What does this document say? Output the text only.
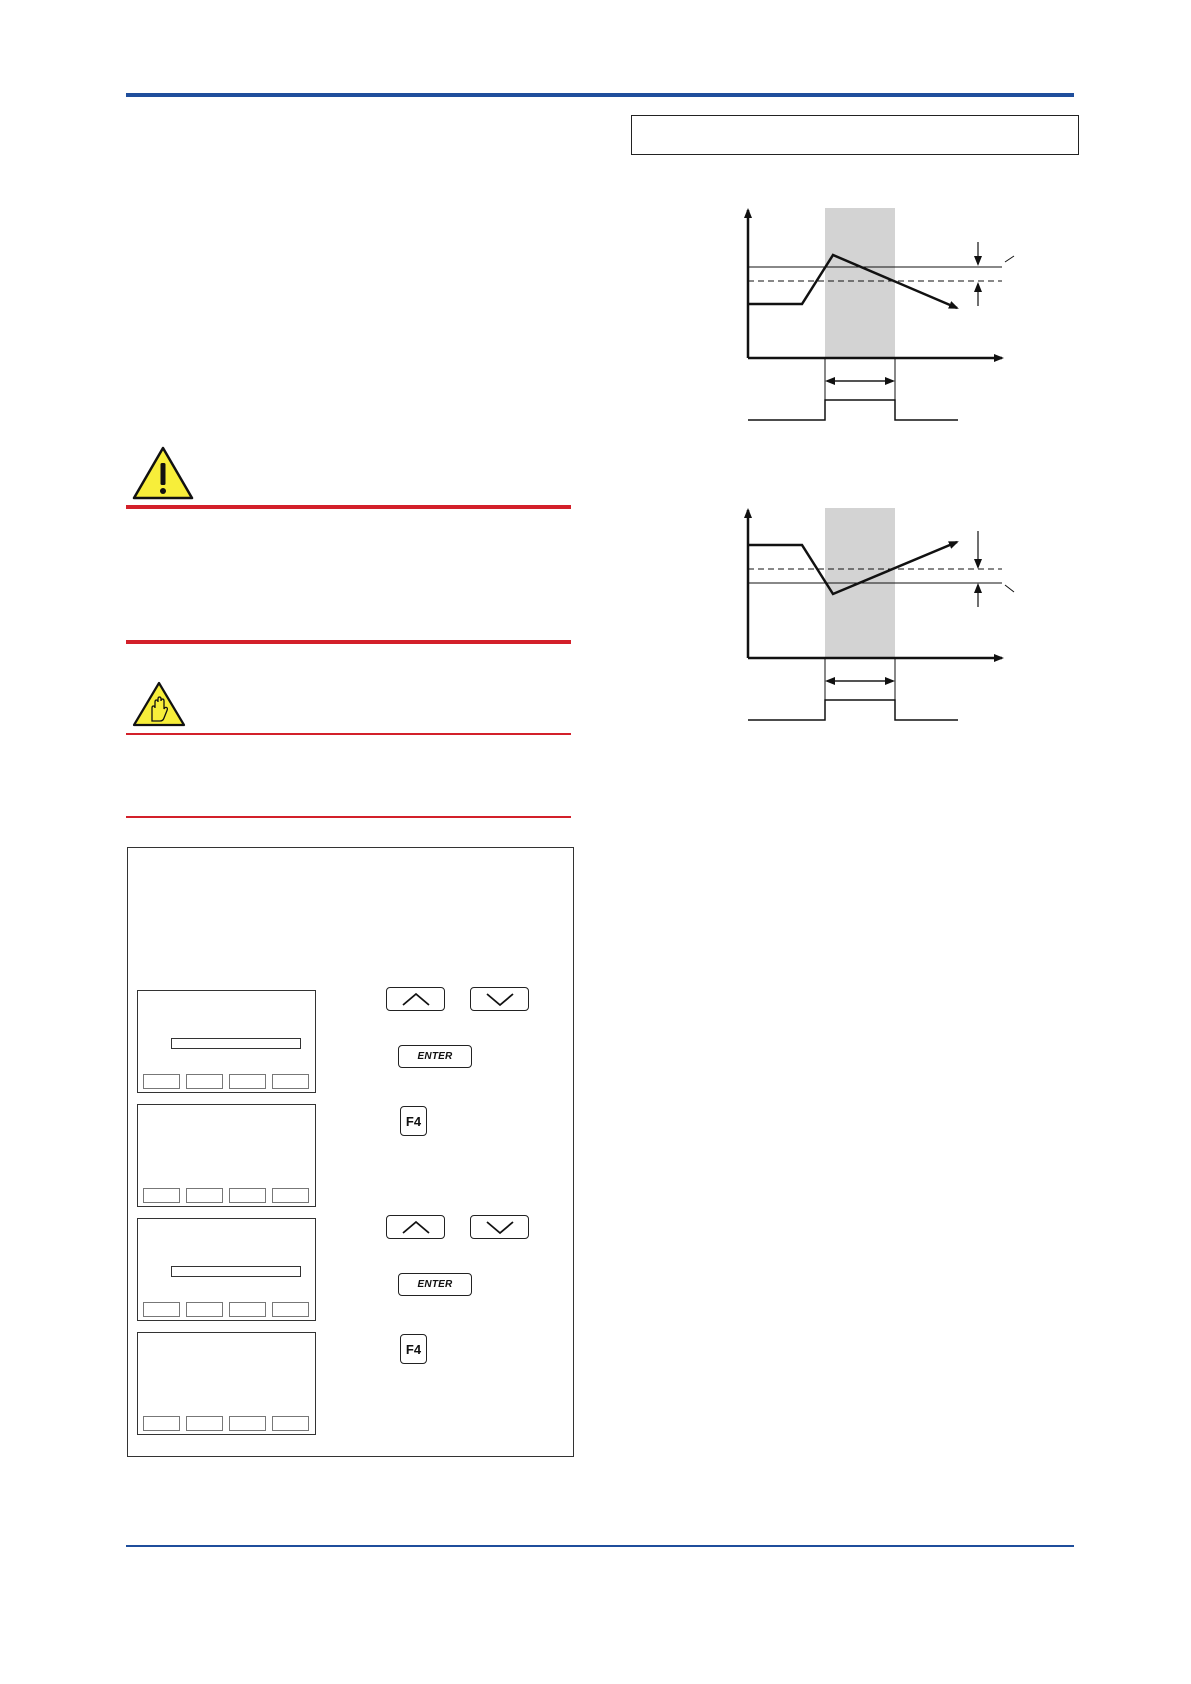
ENTER
F4
ENTER
F4
